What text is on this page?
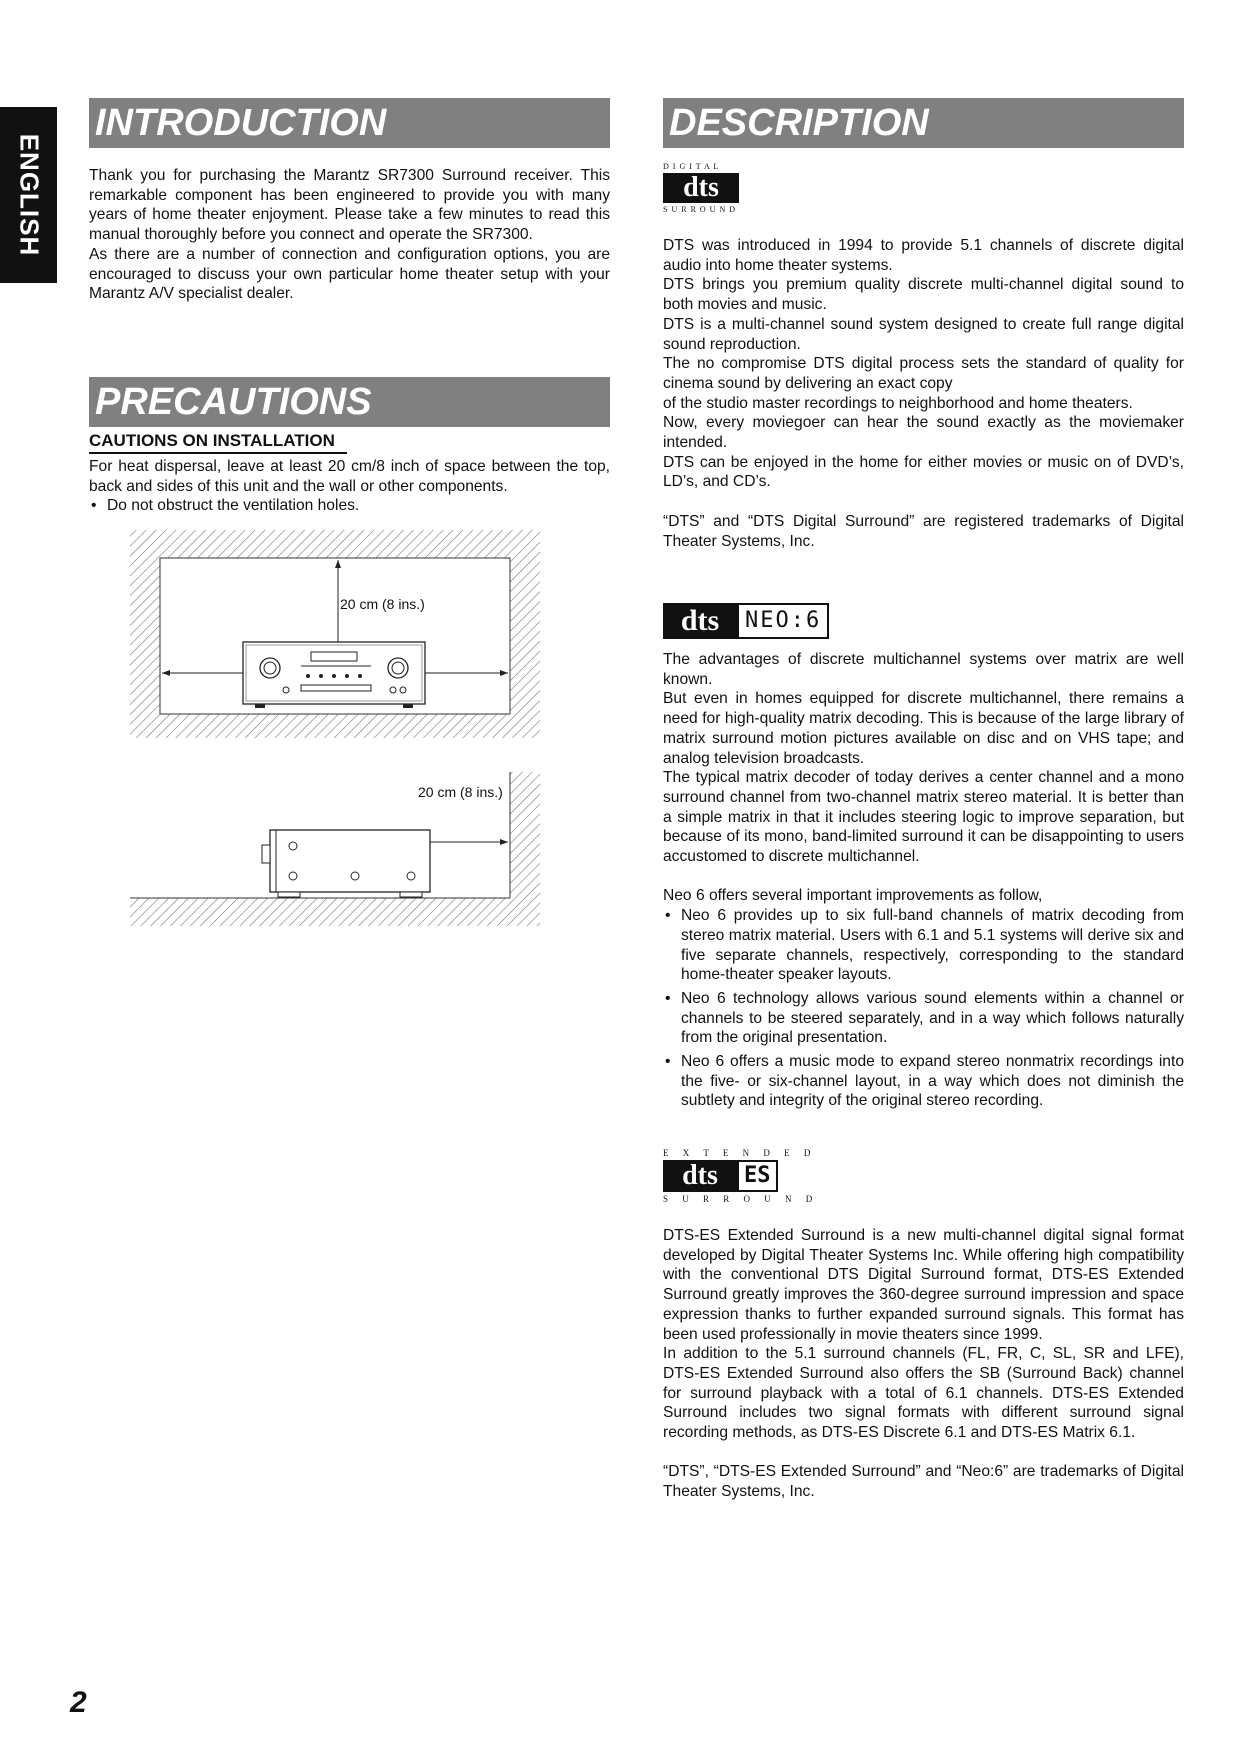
ENGLISH
INTRODUCTION

Thank you for purchasing the Marantz SR7300 Surround receiver. This remarkable component has been engineered to provide you with many years of home theater enjoyment. Please take a few minutes to read this manual thoroughly before you connect and operate the SR7300.

As there are a number of connection and configuration options, you are encouraged to discuss your own particular home theater setup with your Marantz A/V specialist dealer.

PRECAUTIONS
CAUTIONS ON INSTALLATION

For heat dispersal, leave at least 20 cm/8 inch of space between the top, back and sides of this unit and the wall or other components.

• Do not obstruct the ventilation holes.
20 cm (8 ins.)
20 cm (8 ins.)
DESCRIPTION
D I G I T A L
dts
S U R R O U N D

DTS was introduced in 1994 to provide 5.1 channels of discrete digital audio into home theater systems.

DTS brings you premium quality discrete multi-channel digital sound to both movies and music.

DTS is a multi-channel sound system designed to create full range digital sound reproduction.

The no compromise DTS digital process sets the standard of quality for cinema sound by delivering an exact copy

of the studio master recordings to neighborhood and home theaters.

Now, every moviegoer can hear the sound exactly as the moviemaker intended.

DTS can be enjoyed in the home for either movies or music on of DVD’s, LD’s, and CD’s.

“DTS” and “DTS Digital Surround” are registered trademarks of Digital Theater Systems, Inc.

dts	NEO:6

The advantages of discrete multichannel systems over matrix are well known.

But even in homes equipped for discrete multichannel, there remains a need for high-quality matrix decoding. This is because of the large library of matrix surround motion pictures available on disc and on VHS tape; and analog television broadcasts.

The typical matrix decoder of today derives a center channel and a mono surround channel from two-channel matrix stereo material. It is better than a simple matrix in that it includes steering logic to improve separation, but because of its mono, band-limited surround it can be disappointing to users accustomed to discrete multichannel.

Neo 6 offers several important improvements as follow,

• Neo 6 provides up to six full-band channels of matrix decoding from stereo matrix material. Users with 6.1 and 5.1 systems will derive six and five separate channels, respectively, corresponding to the standard home-theater speaker layouts.
• Neo 6 technology allows various sound elements within a channel or channels to be steered separately, and in a way which follows naturally from the original presentation.
• Neo 6 offers a music mode to expand stereo nonmatrix recordings into the five- or six-channel layout, in a way which does not diminish the subtlety and integrity of the original stereo recording.
E X T E N D E D
dts	ES
S U R R O U N D

DTS-ES Extended Surround is a new multi-channel digital signal format developed by Digital Theater Systems Inc. While offering high compatibility with the conventional DTS Digital Surround format, DTS-ES Extended Surround greatly improves the 360-degree surround impression and space expression thanks to further expanded surround signals. This format has been used professionally in movie theaters since 1999.

In addition to the 5.1 surround channels (FL, FR, C, SL, SR and LFE), DTS-ES Extended Surround also offers the SB (Surround Back) channel for surround playback with a total of 6.1 channels. DTS-ES Extended Surround includes two signal formats with different surround signal recording methods, as DTS-ES Discrete 6.1 and DTS-ES Matrix 6.1.

“DTS”, “DTS-ES Extended Surround” and “Neo:6” are trademarks of Digital Theater Systems, Inc.

2
